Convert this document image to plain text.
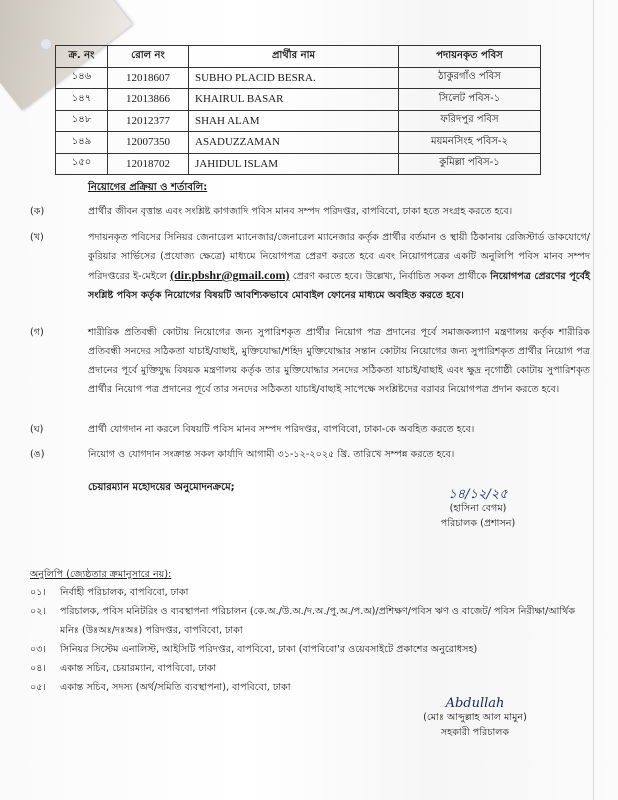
ক্র. নং	রোল নং	প্রার্থীর নাম	পদায়নকৃত পবিস
১৪৬	12018607	SUBHO PLACID BESRA.	ঠাকুরগাঁও পবিস
১৪৭	12013866	KHAIRUL BASAR	সিলেট পবিস-১
১৪৮	12012377	SHAH ALAM	ফরিদপুর পবিস
১৪৯	12007350	ASADUZZAMAN	ময়মনসিংহ পবিস-২
১৫০	12018702	JAHIDUL ISLAM	কুমিল্লা পবিস-১
নিয়োগের প্রক্রিয়া ও শর্তাবলি:
(ক)	প্রার্থীর জীবন বৃত্তান্ত এবং সংশ্লিষ্ট কাগজাদি পবিস মানব সম্পদ পরিদপ্তর, বাপবিবো, ঢাকা হতে সংগ্রহ করতে হবে।
(খ)	পদায়নকৃত পবিসের সিনিয়র জেনারেল ম্যানেজার/জেনারেল ম্যানেজার কর্তৃক প্রার্থীর বর্তমান ও স্থায়ী ঠিকানায় রেজিস্টার্ড ডাকযোগে/কুরিয়ার সার্ভিসের (প্রযোজ্য ক্ষেত্রে) মাধ্যমে নিয়োগপত্র প্রেরণ করতে হবে এবং নিয়োগপত্রের একটি অনুলিপি পবিস মানব সম্পদ পরিদপ্তরের ই-মেইলে (dir.pbshr@gmail.com) প্রেরণ করতে হবে। উল্লেখ্য, নির্বাচিত সকল প্রার্থীকে নিয়োগপত্র প্রেরণের পূর্বেই সংশ্লিষ্ট পবিস কর্তৃক নিয়োগের বিষয়টি আবশ্যিকভাবে মোবাইল ফোনের মাধ্যমে অবহিত করতে হবে।
(গ)	শারীরিক প্রতিবন্ধী কোটায় নিয়োগের জন্য সুপারিশকৃত প্রার্থীর নিয়োগ পত্র প্রদানের পূর্বে সমাজকল্যাণ মন্ত্রণালয় কর্তৃক শারীরিক প্রতিবন্ধী সনদের সঠিকতা যাচাই/বাছাই, মুক্তিযোদ্ধা/শহিদ মুক্তিযোদ্ধার সন্তান কোটায় নিয়োগের জন্য সুপারিশকৃত প্রার্থীর নিয়োগ পত্র প্রদানের পূর্বে মুক্তিযুদ্ধ বিষয়ক মন্ত্রণালয় কর্তৃক তার মুক্তিযোদ্ধার সনদের সঠিকতা যাচাই/বাছাই এবং ক্ষুদ্র নৃগোষ্ঠী কোটায় সুপারিশকৃত প্রার্থীর নিয়োগ পত্র প্রদানের পূর্বে তার সনদের সঠিকতা যাচাই/বাছাই সাপেক্ষে সংশ্লিষ্টদের বরাবর নিয়োগপত্র প্রদান করতে হবে।
(ঘ)	প্রার্থী যোগদান না করলে বিষয়টি পবিস মানব সম্পদ পরিদপ্তর, বাপবিবো, ঢাকা-কে অবহিত করতে হবে।
(ঙ)	নিয়োগ ও যোগদান সংক্রান্ত সকল কার্যাদি আগামী ৩১-১২-২০২৫ খ্রি. তারিখে সম্পন্ন করতে হবে।
চেয়ারম্যান মহোদয়ের অনুমোদনক্রমে;	১৪/১২/২৫
(হাসিনা বেগম)
পরিচালক (প্রশাসন)
অনুলিপি (জ্যেষ্ঠতার ক্রমানুসারে নয়):
০১। নির্বাহী পরিচালক, বাপবিবো, ঢাকা
০২। পরিচালক, পবিস মনিটরিং ও ব্যবস্থাপনা পরিচালন (কে.অ./উ.অ./দ.অ./পু.অ./প.অ)/প্রশিক্ষণ/পবিস ঋণ ও বাজেট/ পবিস নিরীক্ষা/আর্থিক মনিঃ (উঃঅঃ/দঃঅঃ) পরিদপ্তর, বাপবিবো, ঢাকা
০৩। সিনিয়র সিস্টেম এনালিস্ট, আইসিটি পরিদপ্তর, বাপবিবো, ঢাকা (বাপবিবো'র ওয়েবসাইটে প্রকাশের অনুরোধসহ)
০৪। একান্ত সচিব, চেয়ারম্যান, বাপবিবো, ঢাকা
০৫। একান্ত সচিব, সদস্য (অর্থ/সমিতি ব্যবস্থাপনা), বাপবিবো, ঢাকা
Abdullah
(মোঃ আব্দুল্লাহ আল মামুন)
সহকারী পরিচালক
